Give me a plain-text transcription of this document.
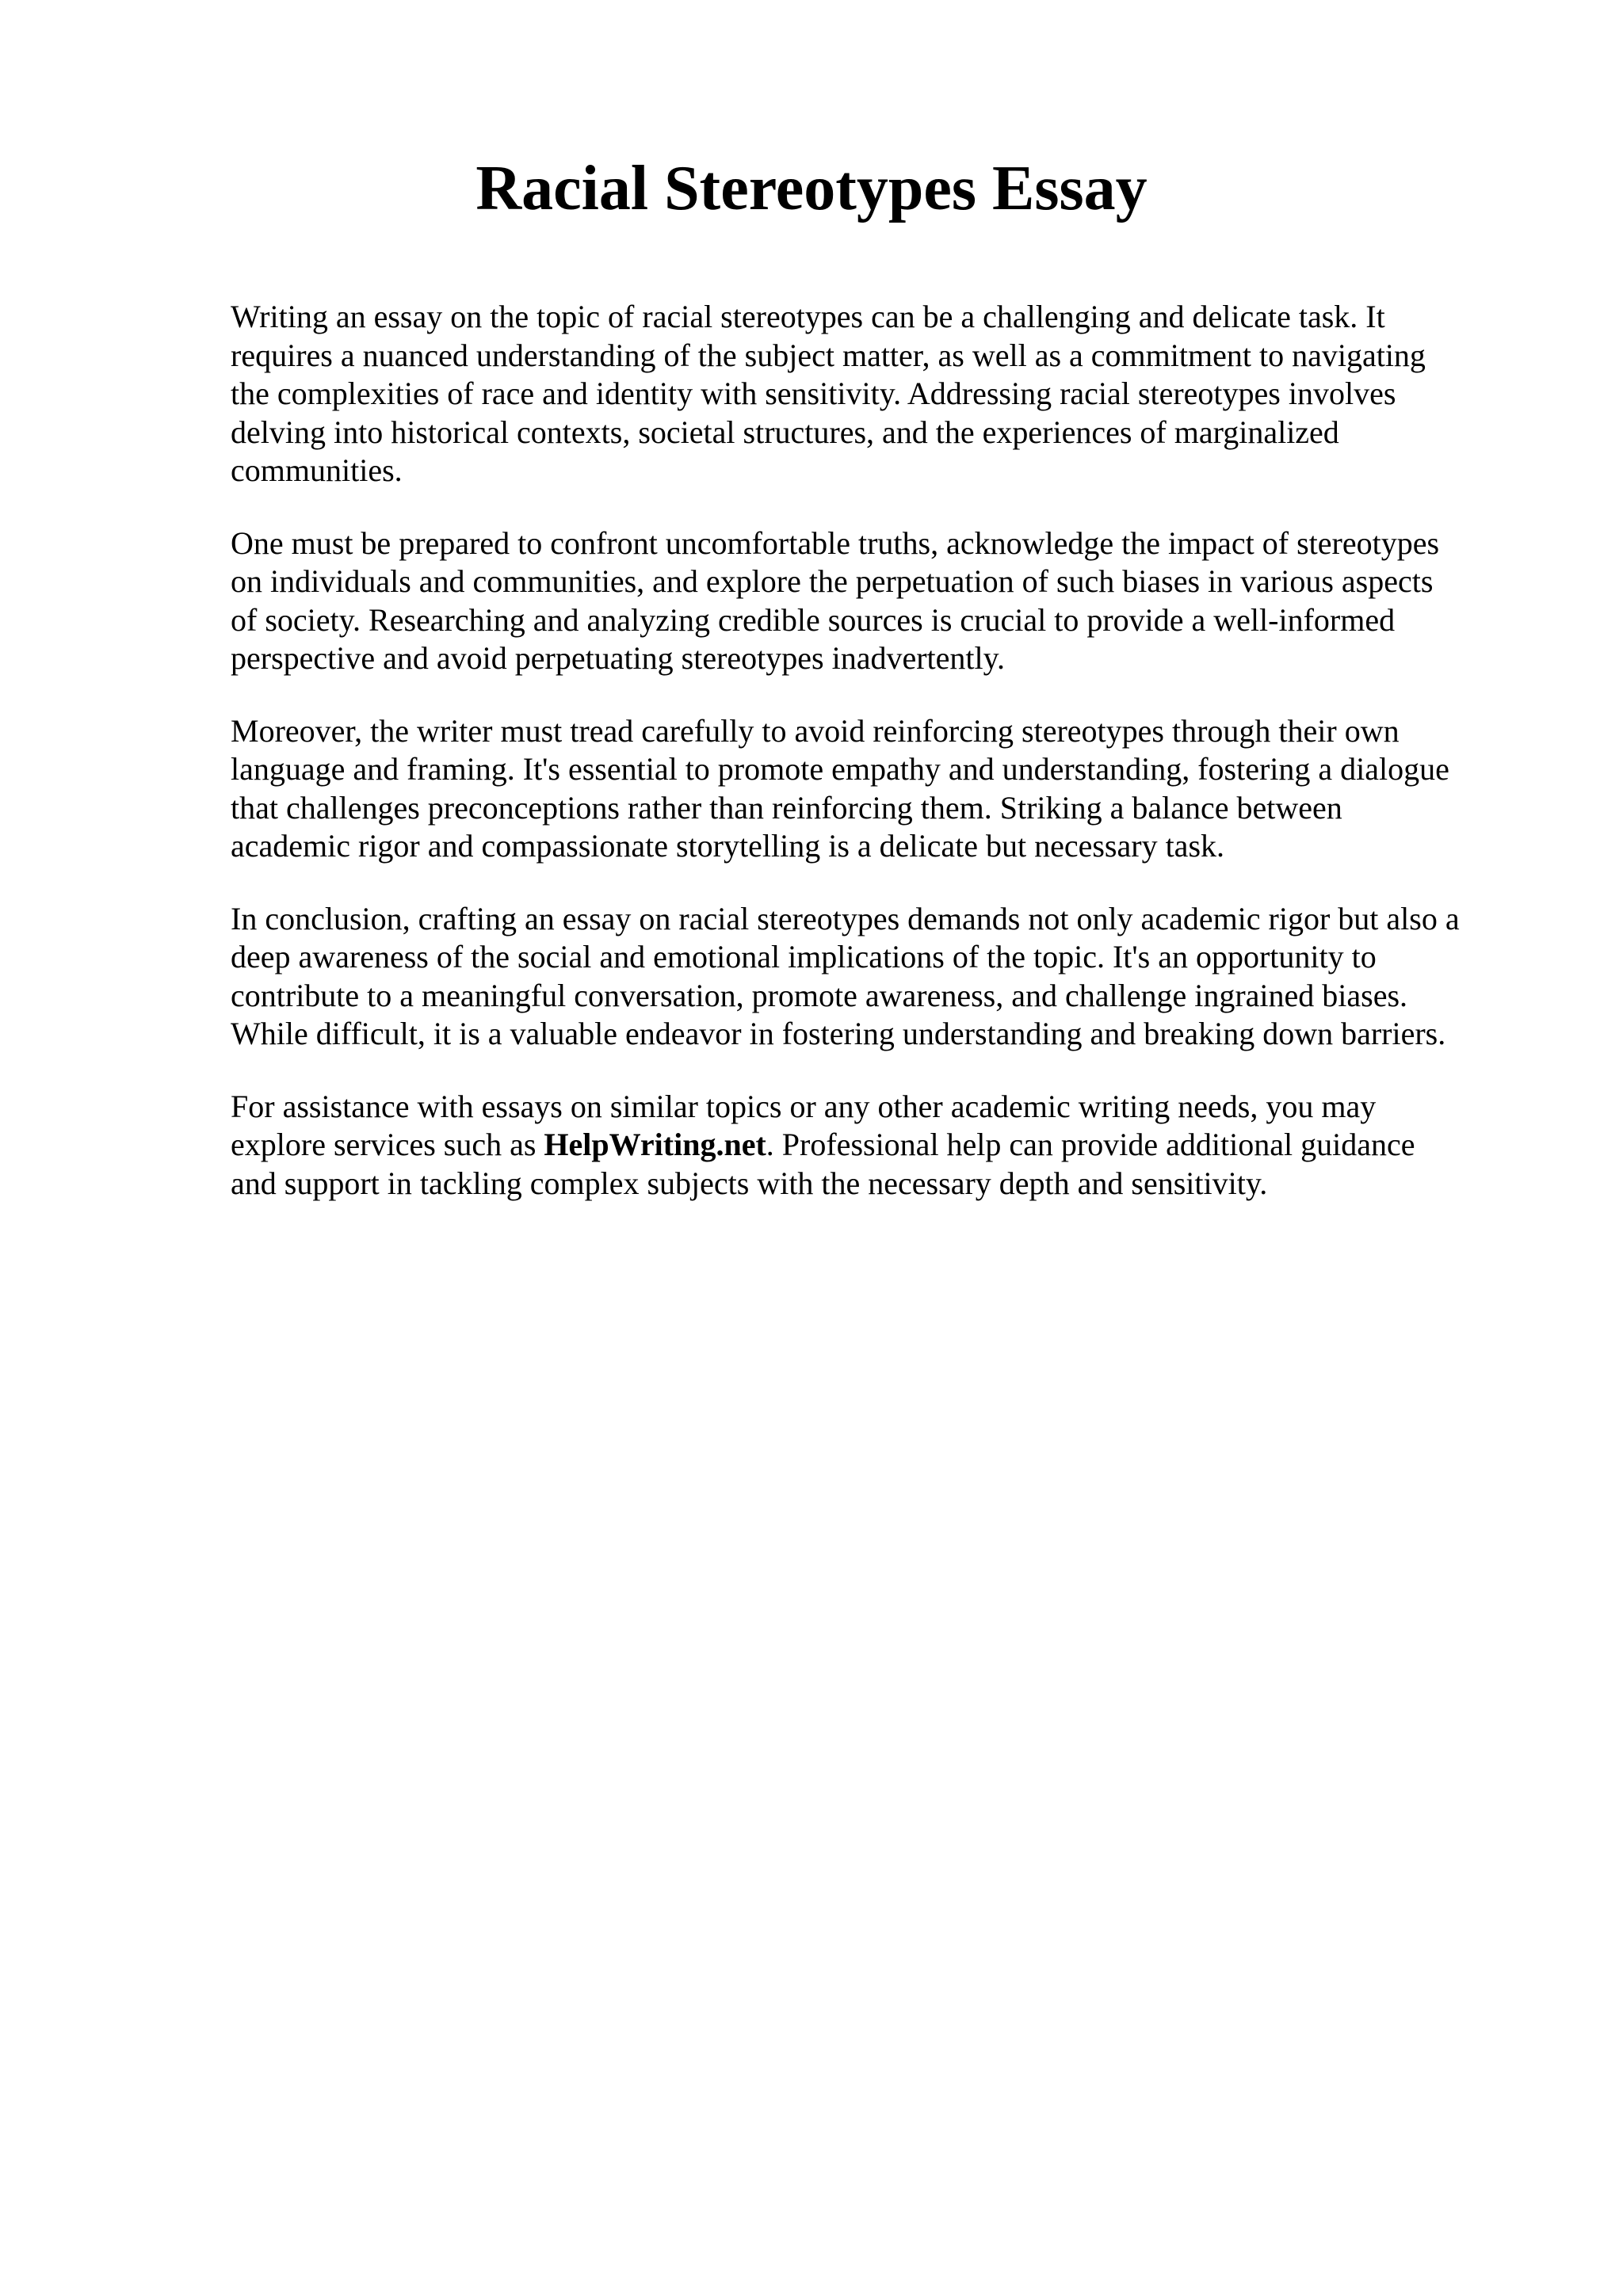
Racial Stereotypes Essay

Writing an essay on the topic of racial stereotypes can be a challenging and delicate task. It
requires a nuanced understanding of the subject matter, as well as a commitment to navigating
the complexities of race and identity with sensitivity. Addressing racial stereotypes involves
delving into historical contexts, societal structures, and the experiences of marginalized
communities.

One must be prepared to confront uncomfortable truths, acknowledge the impact of stereotypes
on individuals and communities, and explore the perpetuation of such biases in various aspects
of society. Researching and analyzing credible sources is crucial to provide a well-informed
perspective and avoid perpetuating stereotypes inadvertently.

Moreover, the writer must tread carefully to avoid reinforcing stereotypes through their own
language and framing. It's essential to promote empathy and understanding, fostering a dialogue
that challenges preconceptions rather than reinforcing them. Striking a balance between
academic rigor and compassionate storytelling is a delicate but necessary task.

In conclusion, crafting an essay on racial stereotypes demands not only academic rigor but also a
deep awareness of the social and emotional implications of the topic. It's an opportunity to
contribute to a meaningful conversation, promote awareness, and challenge ingrained biases.
While difficult, it is a valuable endeavor in fostering understanding and breaking down barriers.

For assistance with essays on similar topics or any other academic writing needs, you may
explore services such as HelpWriting.net. Professional help can provide additional guidance
and support in tackling complex subjects with the necessary depth and sensitivity.
